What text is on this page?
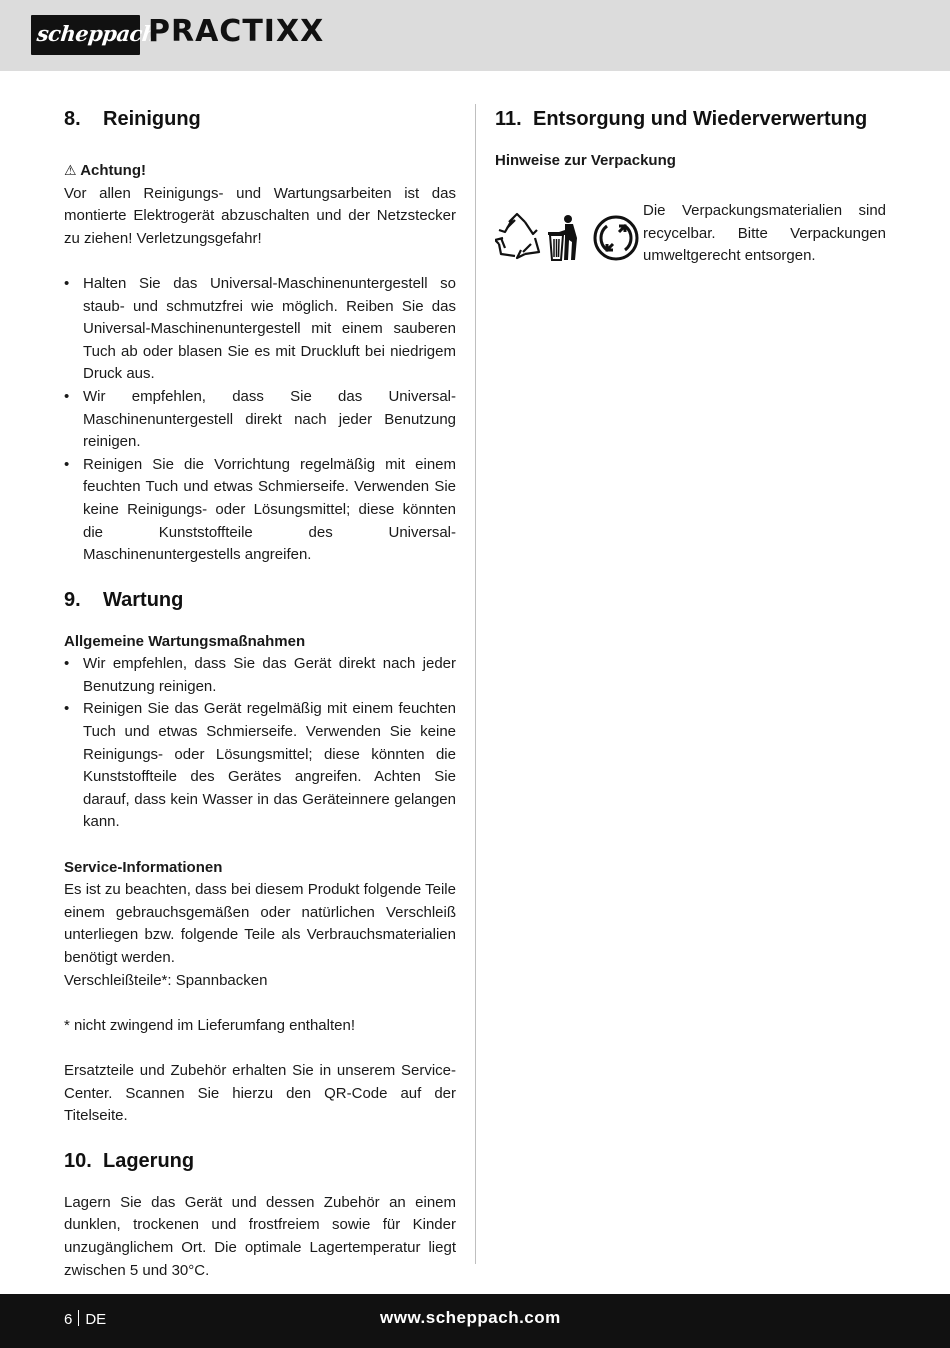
scheppach
PRACTIXX
8. Reinigung
⚠ Achtung!

Vor allen Reinigungs- und Wartungsarbeiten ist das montierte Elektrogerät abzuschalten und der Netzstecker zu ziehen! Verletzungsgefahr!

• Halten Sie das Universal-Maschinenuntergestell so staub- und schmutzfrei wie möglich. Reiben Sie das Universal-Maschinenuntergestell mit einem sauberen Tuch ab oder blasen Sie es mit Druckluft bei niedrigem Druck aus.
• Wir empfehlen, dass Sie das Universal-Maschinenuntergestell direkt nach jeder Benutzung reinigen.
• Reinigen Sie die Vorrichtung regelmäßig mit einem feuchten Tuch und etwas Schmierseife. Verwenden Sie keine Reinigungs- oder Lösungsmittel; diese könnten die Kunststoffteile des Universal-Maschinenuntergestells angreifen.
9. Wartung

Allgemeine Wartungsmaßnahmen

• Wir empfehlen, dass Sie das Gerät direkt nach jeder Benutzung reinigen.
• Reinigen Sie das Gerät regelmäßig mit einem feuchten Tuch und etwas Schmierseife. Verwenden Sie keine Reinigungs- oder Lösungsmittel; diese könnten die Kunststoffteile des Gerätes angreifen. Achten Sie darauf, dass kein Wasser in das Geräteinnere gelangen kann.

Service-Informationen

Es ist zu beachten, dass bei diesem Produkt folgende Teile einem gebrauchsgemäßen oder natürlichen Verschleiß unterliegen bzw. folgende Teile als Verbrauchsmaterialien benötigt werden.

Verschleißteile*: Spannbacken

* nicht zwingend im Lieferumfang enthalten!

Ersatzteile und Zubehör erhalten Sie in unserem Service-Center. Scannen Sie hierzu den QR-Code auf der Titelseite.

10. Lagerung

Lagern Sie das Gerät und dessen Zubehör an einem dunklen, trockenen und frostfreiem sowie für Kinder unzugänglichem Ort. Die optimale Lagertemperatur liegt zwischen 5 und 30°C.

11. Entsorgung und Wiederverwertung

Hinweise zur Verpackung

Die Verpackungsmaterialien sind recycelbar. Bitte Verpackungen umweltgerecht entsorgen.

6 DE	www.scheppach.com
